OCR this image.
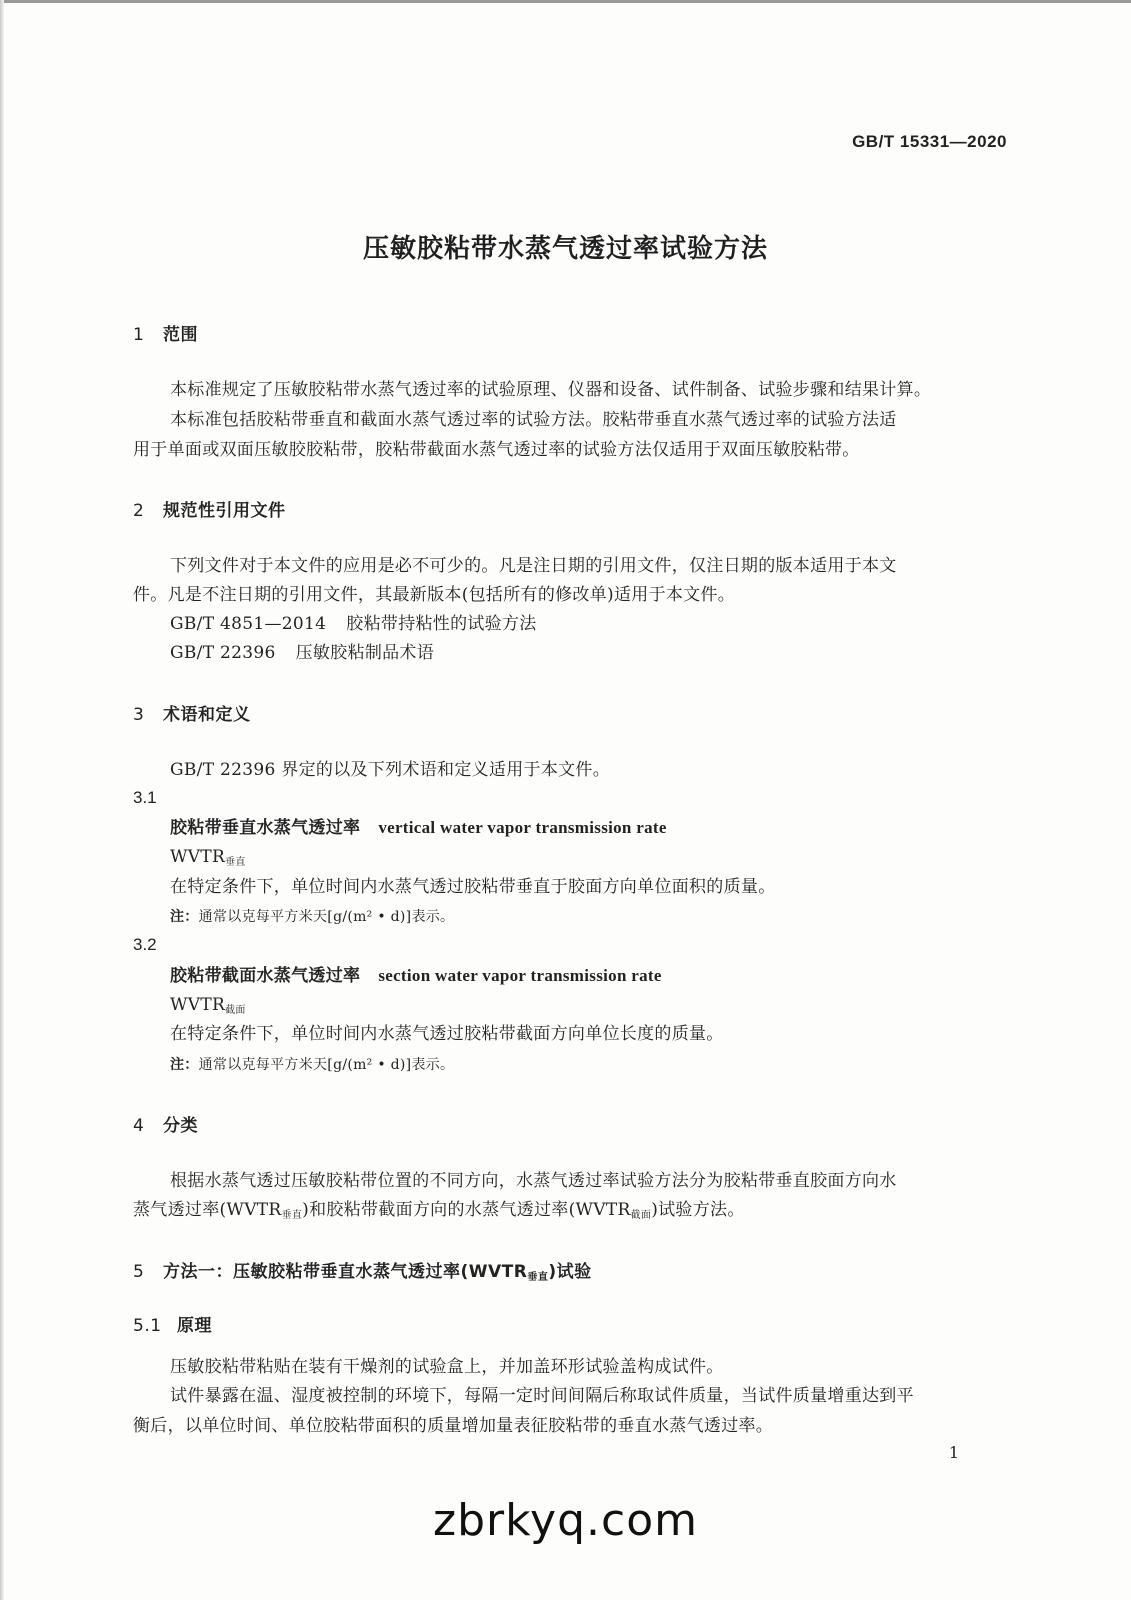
GB/T 15331—2020
压敏胶粘带水蒸气透过率试验方法
1 范围
本标准规定了压敏胶粘带水蒸气透过率的试验原理、仪器和设备、试件制备、试验步骤和结果计算。
本标准包括胶粘带垂直和截面水蒸气透过率的试验方法。胶粘带垂直水蒸气透过率的试验方法适
用于单面或双面压敏胶胶粘带，胶粘带截面水蒸气透过率的试验方法仅适用于双面压敏胶粘带。
2 规范性引用文件
下列文件对于本文件的应用是必不可少的。凡是注日期的引用文件，仅注日期的版本适用于本文
件。凡是不注日期的引用文件，其最新版本(包括所有的修改单)适用于本文件。
GB/T 4851—2014 胶粘带持粘性的试验方法
GB/T 22396 压敏胶粘制品术语
3 术语和定义
GB/T 22396 界定的以及下列术语和定义适用于本文件。
3.1
胶粘带垂直水蒸气透过率 vertical water vapor transmission rate
$WVTR_{垂直}$
在特定条件下，单位时间内水蒸气透过胶粘带垂直于胶面方向单位面积的质量。
注：通常以克每平方米天[g/(m² • d)]表示。
3.2
胶粘带截面水蒸气透过率 section water vapor transmission rate
$WVTR_{截面}$
在特定条件下，单位时间内水蒸气透过胶粘带截面方向单位长度的质量。
注：通常以克每平方米天[g/(m² • d)]表示。
4 分类
根据水蒸气透过压敏胶粘带位置的不同方向，水蒸气透过率试验方法分为胶粘带垂直胶面方向水
蒸气透过率$(WVTR_{垂直})$和胶粘带截面方向的水蒸气透过率$(WVTR_{截面})$试验方法。
5 方法一：压敏胶粘带垂直水蒸气透过率$(WVTR_{垂直})$试验
5.1 原理
压敏胶粘带粘贴在装有干燥剂的试验盒上，并加盖环形试验盖构成试件。
试件暴露在温、湿度被控制的环境下，每隔一定时间间隔后称取试件质量，当试件质量增重达到平
衡后，以单位时间、单位胶粘带面积的质量增加量表征胶粘带的垂直水蒸气透过率。
1
zbrkyq.com
